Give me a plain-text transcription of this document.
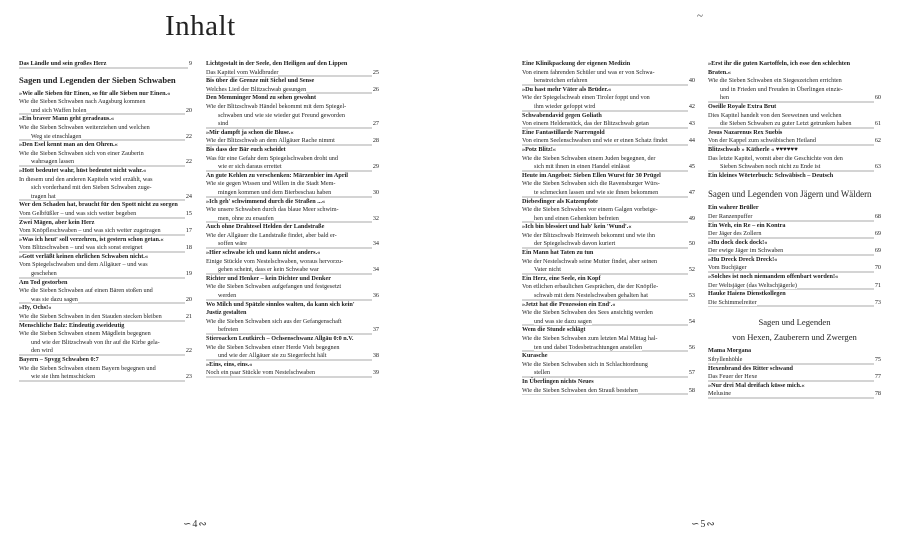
Inhalt	~
9
Das Ländle und sein großes Herz
Sagen und Legenden der Sieben Schwaben
»Wie alle Sieben für Einen, so für alle Sieben nur Einen.«
Wie die Sieben Schwaben nach Augsburg kommen
20
und sich Waffen holen
»Ein braver Mann geht geradeaus.«
Wie die Sieben Schwaben weiterziehen und welchen
22
Weg sie einschlagen
»Den Esel kennt man an den Ohren.«
Wie die Sieben Schwaben sich von einer Zauberin
22
wahrsagen lassen
»Hott bedeutet wahr, hüst bedeutet nicht wahr.«
In diesem und den anderen Kapiteln wird erzählt, was
sich vorderhand mit den Sieben Schwaben zuge-
24
tragen hat
Wer den Schaden hat, braucht für den Spott nicht zu sorgen
15
Vom Gelbfüßler – und was sich weiter begeben
Zwei Mägen, aber kein Herz
17
Vom Knöpfleschwaben – und was sich weiter zugetragen
»Was ich heut' soll verzehren, ist gestern schon getan.«
18
Vom Blitzschwaben – und was sich sonst ereignet
»Gott verläßt keinen ehrlichen Schwaben nicht.«
Vom Spiegelschwaben und dem Allgäuer – und was
19
geschehen
Am Tod gestorben
Wie die Sieben Schwaben auf einen Bären stoßen und
20
was sie dazu sagen
»Hy, Ochs!«
21
Wie die Sieben Schwaben in den Stauden stecken bleiben
Menschliche Balz: Eindeutig zweideutig
Wie die Sieben Schwaben einem Mägdlein begegnen
und wie der Blitzschwab von ihr auf die Kirbe gela-
22
den wird
Bayern – Spvgg Schwaben 0:7
Wie die Sieben Schwaben einem Bayern begegnen und
23
wie sie ihm heimschicken
Lichtgestalt in der Seele, den Heiligen auf den Lippen
25
Das Kapitel vom Waldbruder
Bis über die Grenze mit Sichel und Sense
26
Welches Lied der Blitzschwab gesungen
Den Memminger Mond zu sehen gewohnt
Wie der Blitzschwab Händel bekommt mit dem Spiegel-
schwaben und wie sie wieder gut Freund geworden
27
sind
»Mir dampft ja schon die Bluse.«
28
Wie der Blitzschwab an dem Allgäuer Rache nimmt
Bis dass der Bär euch scheidet
Was für eine Gefahr dem Spiegelschwaben droht und
29
wie er sich daraus errettet
An gute Kehlen zu verschenken: Märzenbier im April
Wie sie gegen Wissen und Willen in die Stadt Mem-
30
mingen kommen und dem Bierbeschau haben
»Ich geh' schwimmend durch die Straßen ...«
Wie unsere Schwaben durch das blaue Meer schwim-
32
men, ohne zu ersaufen
Auch ohne Drahtesel Helden der Landstraße
Wie der Allgäuer die Landstraße findet, aber bald er-
34
soffen wäre
»Hier schwabe ich und kann nicht anders.«
Einige Stückle vom Nestelschwaben, woraus hervorzu-
34
gehen scheint, dass er kein Schwabe war
Richter und Henker – kein Dichter und Denker
Wie die Sieben Schwaben aufgefangen und festgesetzt
36
werden
Wo Milch und Spätzle sinnlos walten, da kann sich kein'
Justiz gestalten
Wie die Sieben Schwaben sich aus der Gefangenschaft
37
befreien
Stieroacken Leutkirch – Ochsenschwanz Allgäu 0:0 n.V.
Wie die Sieben Schwaben einer Herde Vieh begegnen
38
und wie der Allgäuer sie zu Siegerfecht hält
»Eins, eins, eins.«
39
Noch ein paar Stückle vom Nestelschwaben
Eine Klinikpackung der eigenen Medizin
Von einem fahrenden Schüler und was er von Schwa-
40
benstreichen erfahren
»Du hast mehr Väter als Brüder.«
Wie der Spiegelschwab einen Tiroler foppt und von
42
ihm wieder gefoppt wird
Schwabendavid gegen Goliath
43
Von einem Heldenstück, das der Blitzschwab getan
Eine Fantastillarde Narrengold
44
Von einem Seelenschwaben und wie er einen Schatz findet
»Potz Blitz!«
Wie die Sieben Schwaben einem Juden begegnen, der
45
sich mit ihnen in einen Handel einlässt
Heute im Angebot: Sieben Ellen Wurst für 30 Prügel
Wie die Sieben Schwaben sich die Ravensburger Würs-
47
te schmecken lassen und wie sie ihnen bekommen
Diebesfinger als Katzenpfote
Wie die Sieben Schwaben vor einem Galgen vorbeige-
49
hen und einen Gehenkten befreien
»Ich bin blessiert und hab' kein 'Wund'.«
Wie der Blitzschwab Heimweh bekommt und wie ihn
50
der Spiegelschwab davon kuriert
Ein Mann hat Taten zu tun
Wie der Nestelschwab seine Mutter findet, aber seinen
52
Vater nicht
Ein Herz, eine Seele, ein Kopf
Von etlichen erbaulichen Gesprächen, die der Knöpfle-
53
schwab mit dem Nestelschwaben gehalten hat
»Jetzt hat die Prozession ein End'.«
Wie die Sieben Schwaben des Sees ansichtig werden
54
und was sie dazu sagen
Wem die Stunde schlägt
Wie die Sieben Schwaben zum letzten Mal Mittag hal-
56
ten und dabei Todesbetrachtungen anstellen
Kurasche
Wie die Sieben Schwaben sich in Schlachtordnung
57
stellen
In Überlingen nichts Neues
58
Wie die Sieben Schwaben den Strauß bestehen
»Erst ihr die guten Kartoffeln, ich esse den schlechten
Braten.«
Wie die Sieben Schwaben ein Siegeszeichen errichten
und in Frieden und Freuden in Überlingen einzie-
60
hen
Oseille Royale Extra Brut
Dies Kapitel handelt von den Seeweinen und welchen
61
die Sieben Schwaben zu guter Letzt getrunken haben
Jesus Nazarenus Rex Suebis
62
Von der Kappel zum schwäbischen Heiland
Blitzschwab » Kätherle « ♥♥♥♥♥♥
Das letzte Kapitel, womit aber die Geschichte von den
63
Sieben Schwaben noch nicht zu Ende ist
Ein kleines Wörterbuch: Schwäbisch – Deutsch
Sagen und Legenden von Jägern und Wäldern
Ein wahrer Brüller
68
Der Ranzenpuffer
Ein Weh, ein Re – ein Kontra
69
Der Jäger des Zollern
»Hu dock dock dock!«
69
Der ewige Jäger im Schwaben
»Hu Dreck Dreck Dreck!«
70
Vom Buchjäger
»Solches ist noch niemandem offenbart worden!«
71
Der Weltsjäger (das Weltschjägerle)
Hauke Haiens Dienstkollegen
73
Die Schimmelreiter
Sagen und Legenden
von Hexen, Zauberern und Zwergen
Mama Morgana
75
Sibyllenhöhle
Hexenbrand des Ritter schwand
77
Das Feuer der Hexe
»Nur drei Mal dreifach küsse mich.«
78
Melusine
∽4∾	∽5∾
